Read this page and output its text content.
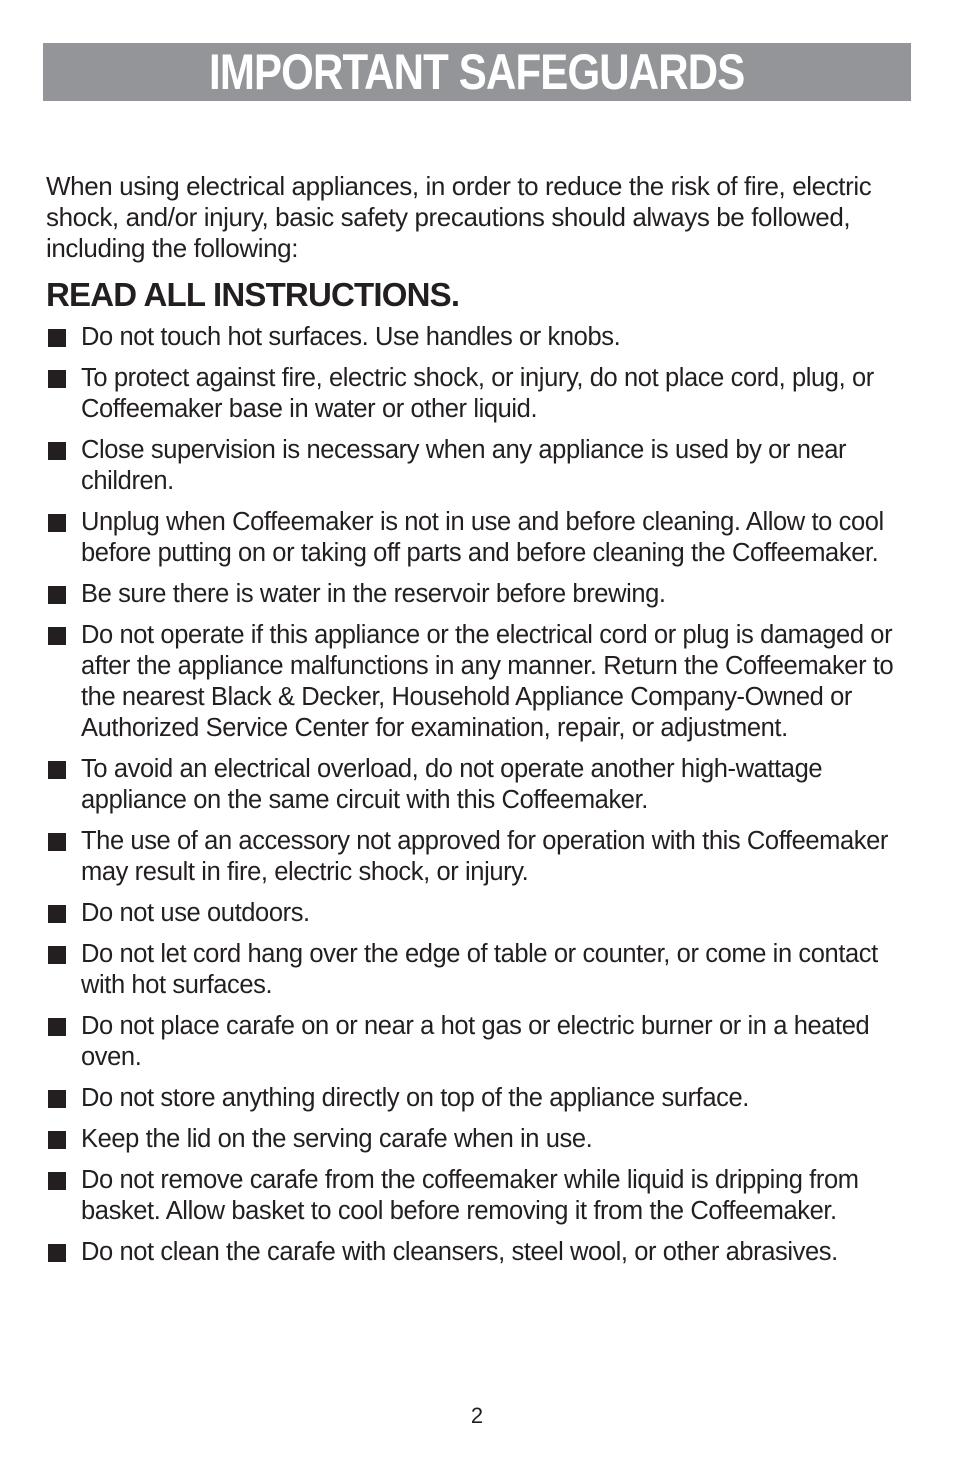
IMPORTANT SAFEGUARDS

When using electrical appliances, in order to reduce the risk of fire, electric shock, and/or injury, basic safety precautions should always be followed, including the following:

READ ALL INSTRUCTIONS.
Do not touch hot surfaces. Use handles or knobs.
To protect against fire, electric shock, or injury, do not place cord, plug, or Coffeemaker base in water or other liquid.
Close supervision is necessary when any appliance is used by or near children.
Unplug when Coffeemaker is not in use and before cleaning. Allow to cool before putting on or taking off parts and before cleaning the Coffeemaker.
Be sure there is water in the reservoir before brewing.
Do not operate if this appliance or the electrical cord or plug is damaged or after the appliance malfunctions in any manner. Return the Coffeemaker to the nearest Black & Decker, Household Appliance Company-Owned or Authorized Service Center for examination, repair, or adjustment.
To avoid an electrical overload, do not operate another high-wattage appliance on the same circuit with this Coffeemaker.
The use of an accessory not approved for operation with this Coffeemaker may result in fire, electric shock, or injury.
Do not use outdoors.
Do not let cord hang over the edge of table or counter, or come in contact with hot surfaces.
Do not place carafe on or near a hot gas or electric burner or in a heated oven.
Do not store anything directly on top of the appliance surface.
Keep the lid on the serving carafe when in use.
Do not remove carafe from the coffeemaker while liquid is dripping from basket. Allow basket to cool before removing it from the Coffeemaker.
Do not clean the carafe with cleansers, steel wool, or other abrasives.
2
